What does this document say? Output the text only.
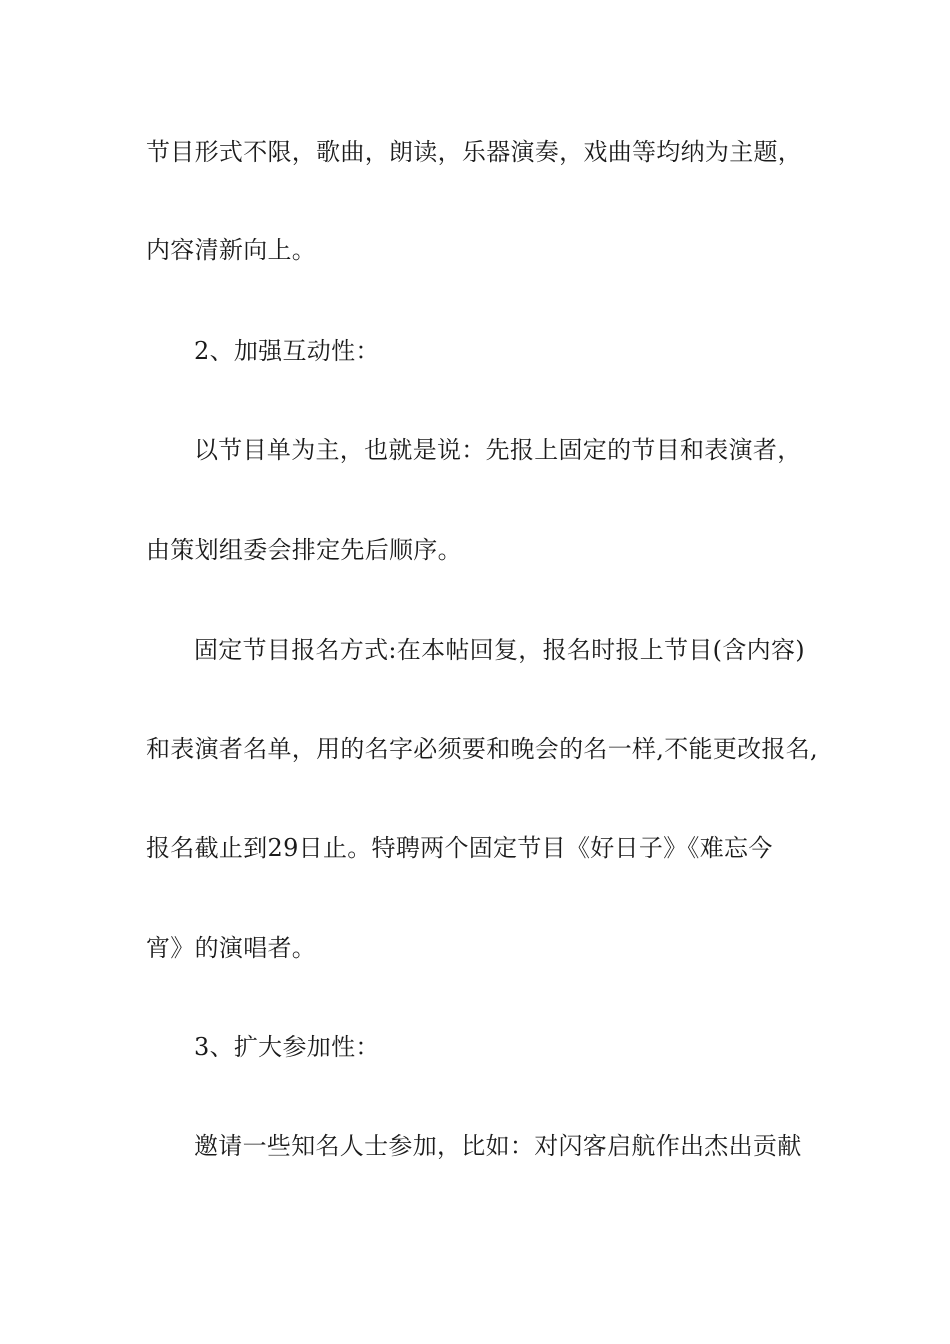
节目形式不限，歌曲，朗读，乐器演奏，戏曲等均纳为主题，
内容清新向上。
2、加强互动性：
以节目单为主，也就是说：先报上固定的节目和表演者，
由策划组委会排定先后顺序。
固定节目报名方式:在本帖回复，报名时报上节目(含内容)
和表演者名单，用的名字必须要和晚会的名一样,不能更改报名,
报名截止到29日止。特聘两个固定节目《好日子》《难忘今
宵》的演唱者。
3、扩大参加性：
邀请一些知名人士参加，比如：对闪客启航作出杰出贡献
